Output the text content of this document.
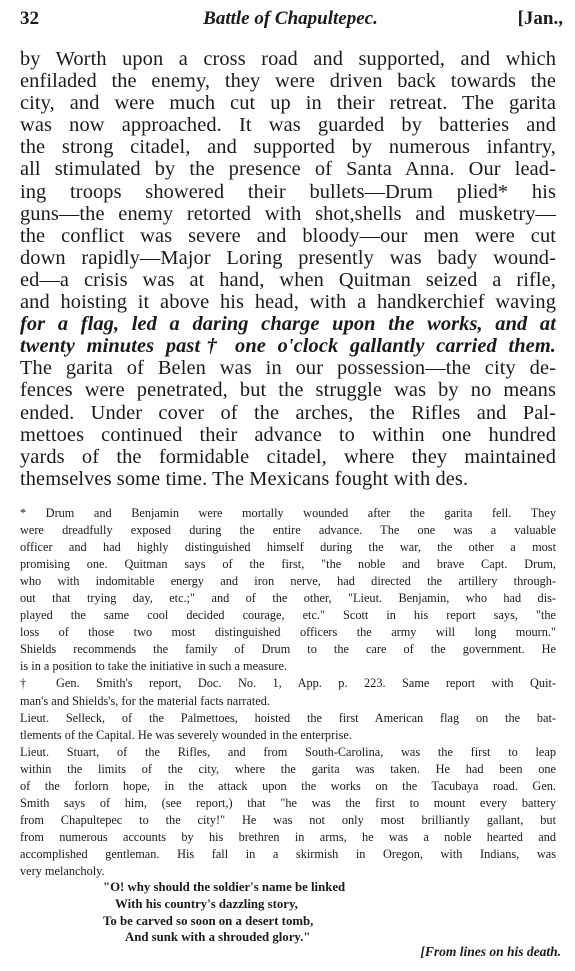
32	Battle of Chapultepec.	[Jan.,
by Worth upon a cross road and supported, and which
enfiladed the enemy, they were driven back towards the
city, and were much cut up in their retreat. The garita
was now approached. It was guarded by batteries and
the strong citadel, and supported by numerous infantry,
all stimulated by the presence of Santa Anna. Our lead-
ing troops showered their bullets—Drum plied* his
guns—the enemy retorted with shot,shells and musketry—
the conflict was severe and bloody—our men were cut
down rapidly—Major Loring presently was bady wound-
ed—a crisis was at hand, when Quitman seized a rifle,
and hoisting it above his head, with a handkerchief waving
for a flag, led a daring charge upon the works, and at
twenty minutes past† one o'clock gallantly carried them.
The garita of Belen was in our possession—the city de-
fences were penetrated, but the struggle was by no means
ended. Under cover of the arches, the Rifles and Pal-
mettoes continued their advance to within one hundred
yards of the formidable citadel, where they maintained
themselves some time. The Mexicans fought with des.
* Drum and Benjamin were mortally wounded after the garita fell. They
were dreadfully exposed during the entire advance. The one was a valuable
officer and had highly distinguished himself during the war, the other a most
promising one. Quitman says of the first, "the noble and brave Capt. Drum,
who with indomitable energy and iron nerve, had directed the artillery through-
out that trying day, etc.;" and of the other, "Lieut. Benjamin, who had dis-
played the same cool decided courage, etc." Scott in his report says, "the
loss of those two most distinguished officers the army will long mourn."
Shields recommends the family of Drum to the care of the government. He
is in a position to take the initiative in such a measure.
† Gen. Smith's report, Doc. No. 1, App. p. 223. Same report with Quit-
man's and Shields's, for the material facts narrated.
Lieut. Selleck, of the Palmettoes, hoisted the first American flag on the bat-
tlements of the Capital. He was severely wounded in the enterprise.
Lieut. Stuart, of the Rifles, and from South-Carolina, was the first to leap
within the limits of the city, where the garita was taken. He had been one
of the forlorn hope, in the attack upon the works on the Tacubaya road. Gen.
Smith says of him, (see report,) that "he was the first to mount every battery
from Chapultepec to the city!" He was not only most brilliantly gallant, but
from numerous accounts by his brethren in arms, he was a noble hearted and
accomplished gentleman. His fall in a skirmish in Oregon, with Indians, was
very melancholy.
"O! why should the soldier's name be linked
With his country's dazzling story,
To be carved so soon on a desert tomb,
And sunk with a shrouded glory."
[From lines on his death.
